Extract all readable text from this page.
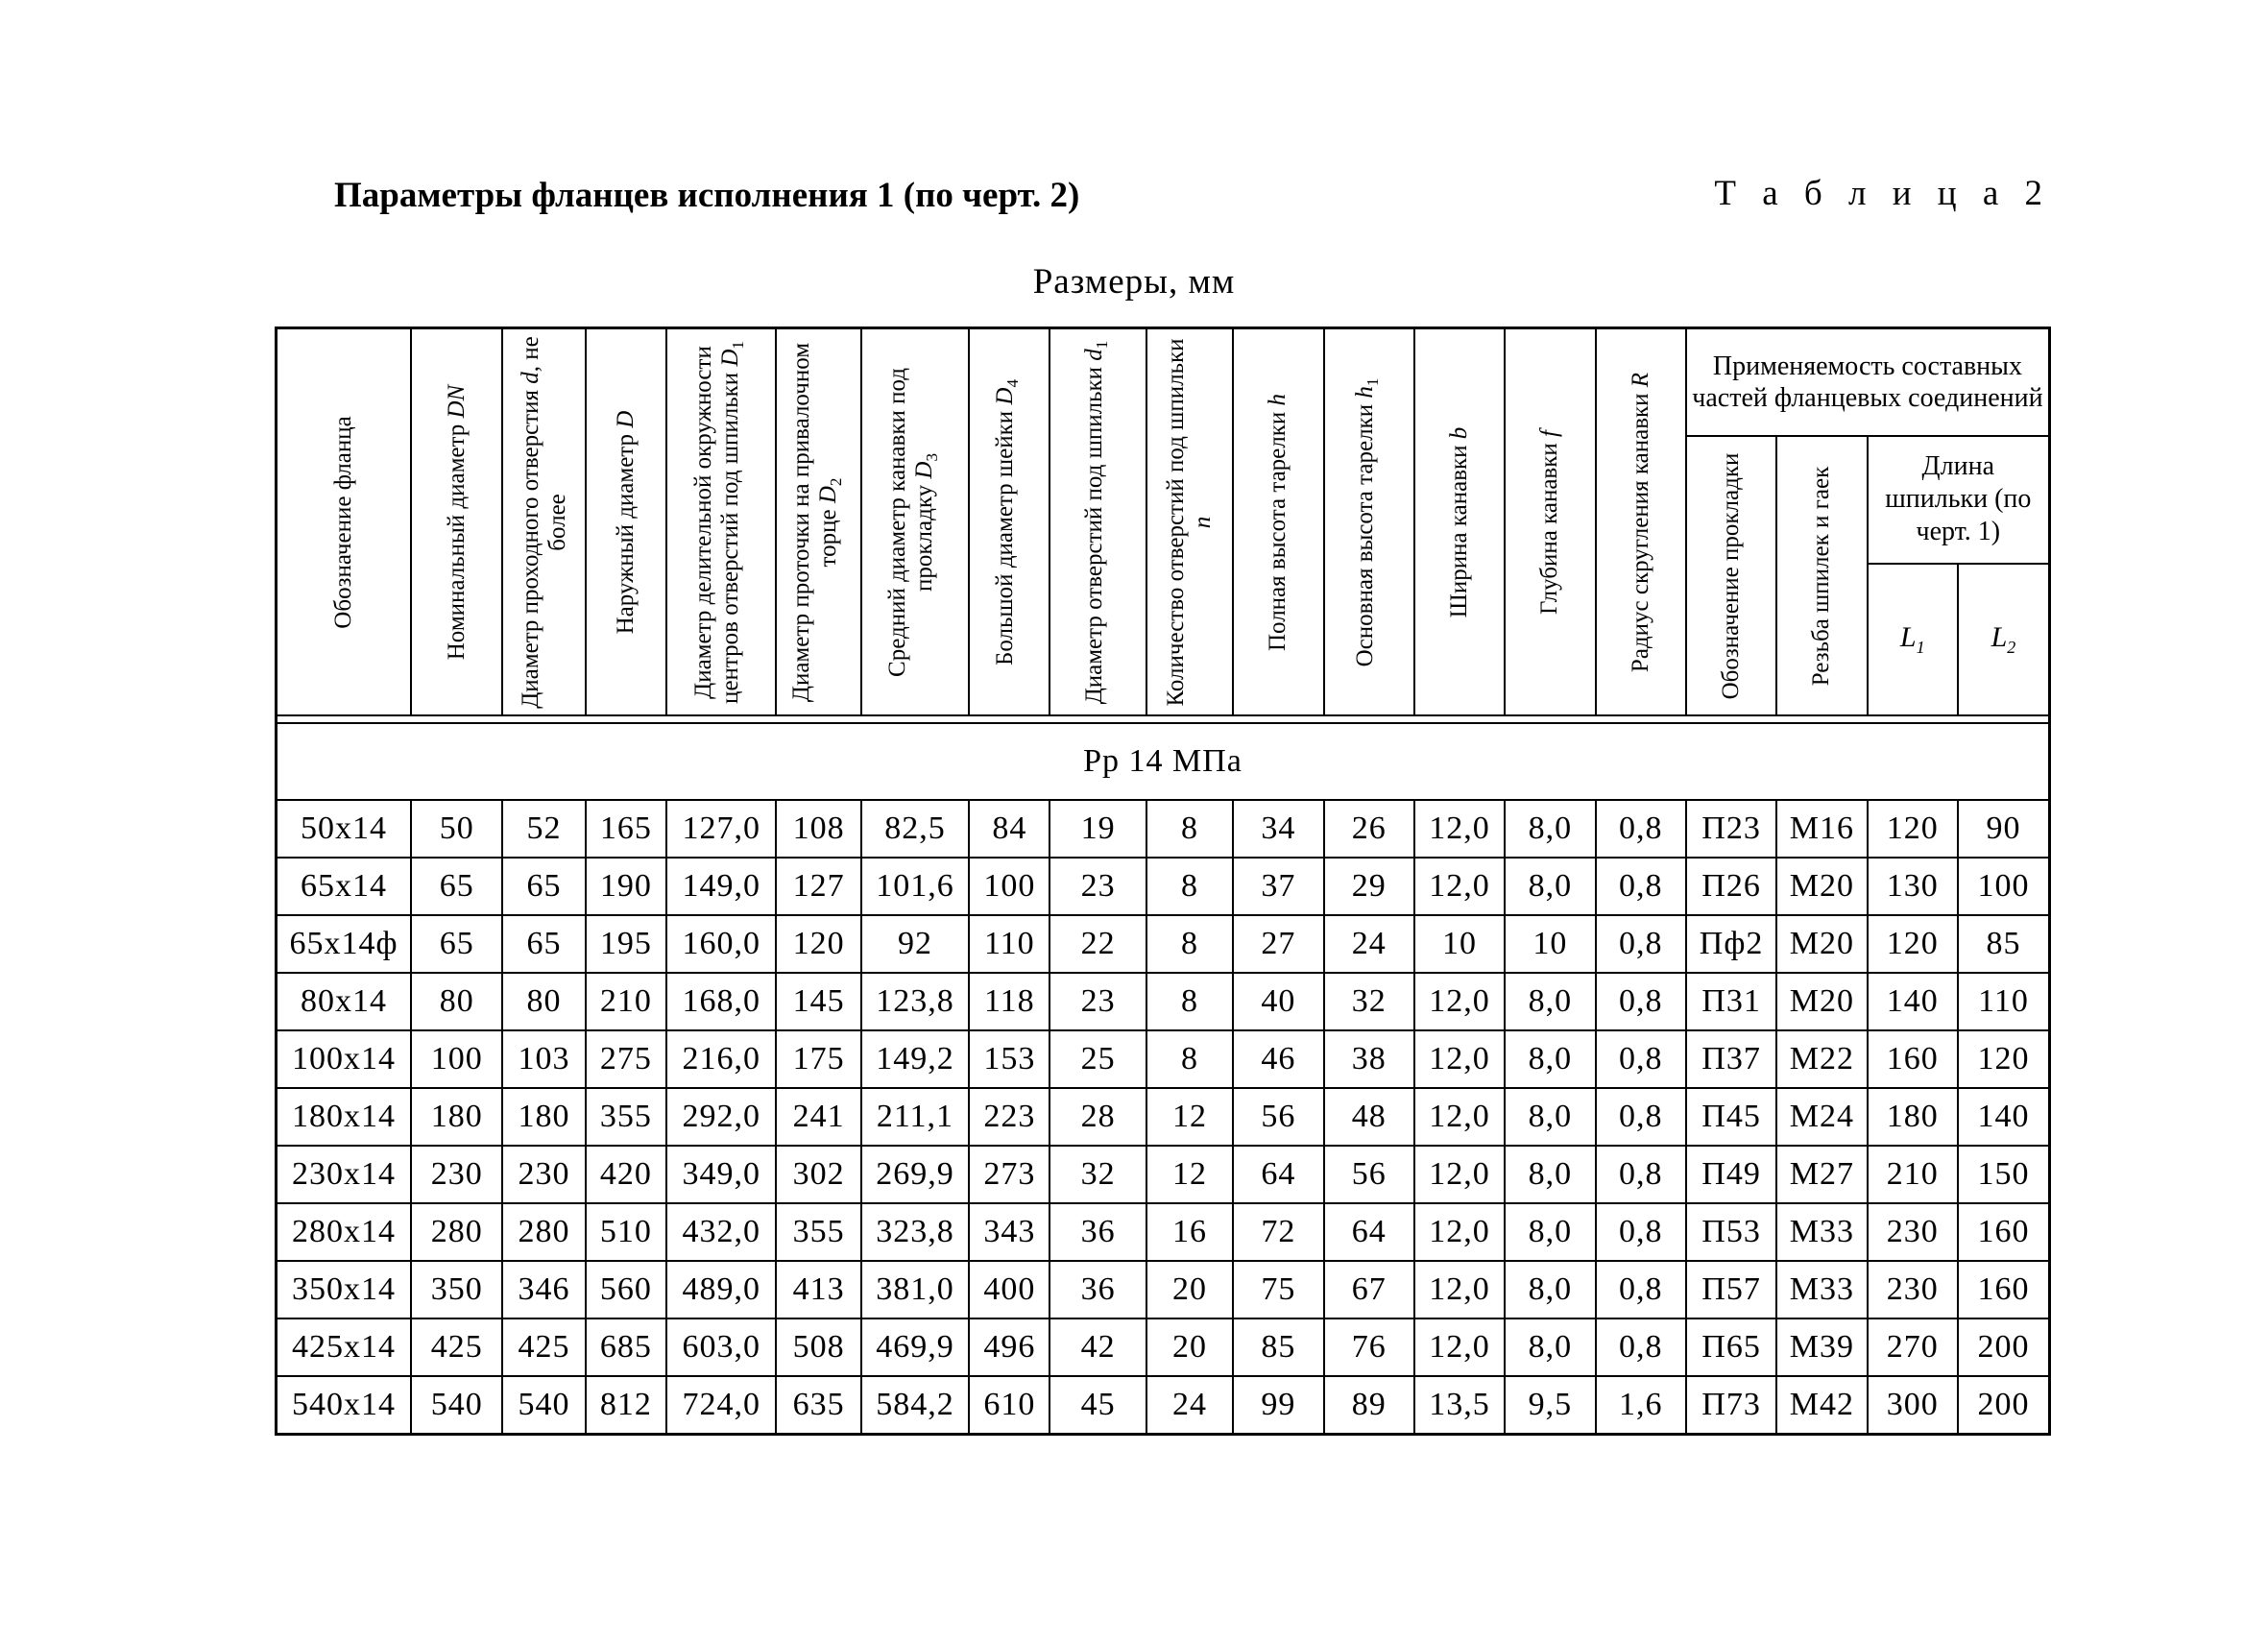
Параметры фланцев исполнения 1 (по черт. 2)	Т а б л и ц а 2
Размеры, мм
Обозначение фланца	Номинальный диаметр DN	Диаметр проходного отверстия d, не более	Наружный диаметр D	Диаметр делительной окружности центров отверстий под шпильки $D_1$	Диаметр проточки на привалочном торце $D_2$	Средний диаметр канавки под прокладку $D_3$	Большой диаметр шейки $D_4$	Диаметр отверстий под шпильки $d_1$	Количество отверстий под шпильки n	Полная высота тарелки h	Основная высота тарелки $h_1$	Ширина канавки b	Глубина канавки f	Радиус скругления канавки R	Применяемость составных частей фланцевых соединений			

															Обозначение прокладки	Резьба шпилек и гаек	Длина шпильки (по черт. 1)	
																	$L_1$	$L_2$

Pp 14 МПа																		
50x14	50	52	165	127,0	108	82,5	84	19	8	34	26	12,0	8,0	0,8	П23	М16	120	90
65x14	65	65	190	149,0	127	101,6	100	23	8	37	29	12,0	8,0	0,8	П26	М20	130	100
65x14ф	65	65	195	160,0	120	92	110	22	8	27	24	10	10	0,8	Пф2	М20	120	85
80x14	80	80	210	168,0	145	123,8	118	23	8	40	32	12,0	8,0	0,8	П31	М20	140	110
100x14	100	103	275	216,0	175	149,2	153	25	8	46	38	12,0	8,0	0,8	П37	М22	160	120
180x14	180	180	355	292,0	241	211,1	223	28	12	56	48	12,0	8,0	0,8	П45	М24	180	140
230x14	230	230	420	349,0	302	269,9	273	32	12	64	56	12,0	8,0	0,8	П49	М27	210	150
280x14	280	280	510	432,0	355	323,8	343	36	16	72	64	12,0	8,0	0,8	П53	М33	230	160
350x14	350	346	560	489,0	413	381,0	400	36	20	75	67	12,0	8,0	0,8	П57	М33	230	160
425x14	425	425	685	603,0	508	469,9	496	42	20	85	76	12,0	8,0	0,8	П65	М39	270	200
540x14	540	540	812	724,0	635	584,2	610	45	24	99	89	13,5	9,5	1,6	П73	М42	300	200
